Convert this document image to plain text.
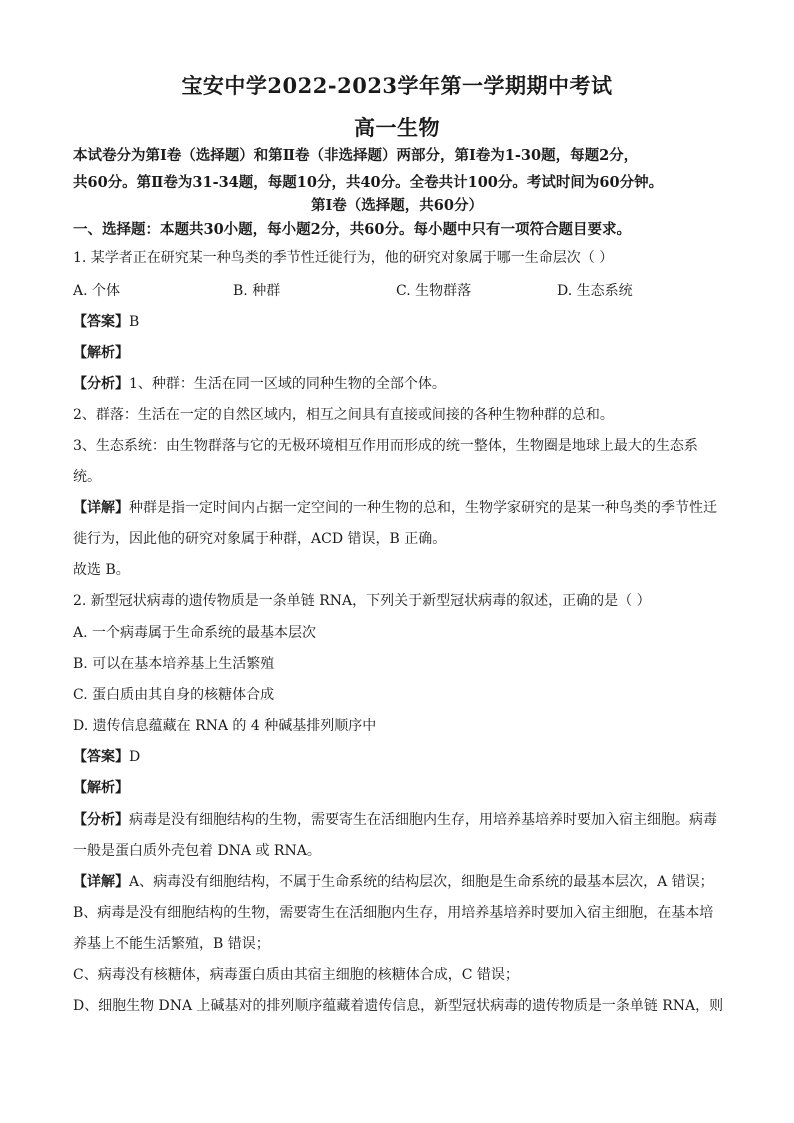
宝安中学2022-2023学年第一学期期中考试
高一生物
本试卷分为第Ⅰ卷（选择题）和第Ⅱ卷（非选择题）两部分，第Ⅰ卷为1-30题，每题2分，
共60分。第Ⅱ卷为31-34题，每题10分，共40分。全卷共计100分。考试时间为60分钟。
第Ⅰ卷（选择题，共60分）
一、选择题：本题共30小题，每小题2分，共60分。每小题中只有一项符合题目要求。
1. 某学者正在研究某一种鸟类的季节性迁徙行为，他的研究对象属于哪一生命层次（ ）
A. 个体	B. 种群	C. 生物群落	D. 生态系统
【答案】B
【解析】
【分析】1、种群：生活在同一区域的同种生物的全部个体。
2、群落：生活在一定的自然区域内，相互之间具有直接或间接的各种生物种群的总和。
3、生态系统：由生物群落与它的无极环境相互作用而形成的统一整体，生物圈是地球上最大的生态系
统。
【详解】种群是指一定时间内占据一定空间的一种生物的总和，生物学家研究的是某一种鸟类的季节性迁
徙行为，因此他的研究对象属于种群，ACD 错误，B 正确。
故选 B。
2. 新型冠状病毒的遗传物质是一条单链 RNA，下列关于新型冠状病毒的叙述，正确的是（ ）
A. 一个病毒属于生命系统的最基本层次
B. 可以在基本培养基上生活繁殖
C. 蛋白质由其自身的核糖体合成
D. 遗传信息蕴藏在 RNA 的 4 种碱基排列顺序中
【答案】D
【解析】
【分析】病毒是没有细胞结构的生物，需要寄生在活细胞内生存，用培养基培养时要加入宿主细胞。病毒
一般是蛋白质外壳包着 DNA 或 RNA。
【详解】A、病毒没有细胞结构，不属于生命系统的结构层次，细胞是生命系统的最基本层次，A 错误；
B、病毒是没有细胞结构的生物，需要寄生在活细胞内生存，用培养基培养时要加入宿主细胞，在基本培
养基上不能生活繁殖，B 错误；
C、病毒没有核糖体，病毒蛋白质由其宿主细胞的核糖体合成，C 错误；
D、细胞生物 DNA 上碱基对的排列顺序蕴藏着遗传信息，新型冠状病毒的遗传物质是一条单链 RNA，则
